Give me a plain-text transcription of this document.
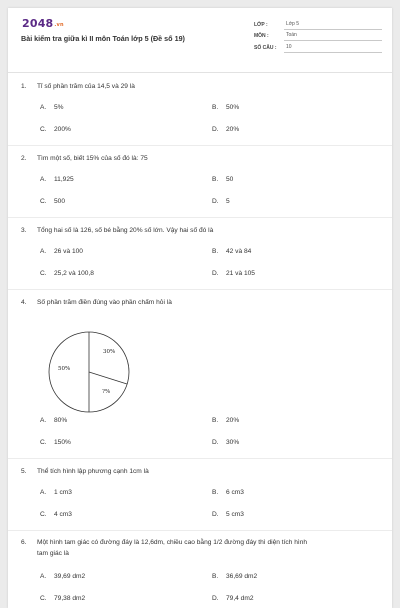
2048.vn
Bài kiểm tra giữa kì II môn Toán lớp 5 (Đề số 19)
LỚP :	Lớp 5
MÔN :	Toán
SỐ CÂU :	10
1. Tỉ số phần trăm của 14,5 và 29 là
A. 5%	B. 50%
C. 200%	D. 20%
2. Tìm một số, biết 15% của số đó là: 75
A. 11,925	B. 50
C. 500	D. 5
3. Tổng hai số là 126, số bé bằng 20% số lớn. Vậy hai số đó là
A. 26 và 100	B. 42 và 84
C. 25,2 và 100,8	D. 21 và 105
4. Số phần trăm điền đúng vào phần chấm hỏi là
30%
50%
?%
A. 80%	B. 20%
C. 150%	D. 30%
5. Thể tích hình lập phương cạnh 1cm là
A. 1 cm3	B. 6 cm3
C. 4 cm3	D. 5 cm3
6. Một hình tam giác có đường đáy là 12,6dm, chiều cao bằng 1/2 đường đáy thì diện tích hình
tam giác là
A. 39,69 dm2	B. 36,69 dm2
C. 79,38 dm2	D. 79,4 dm2
